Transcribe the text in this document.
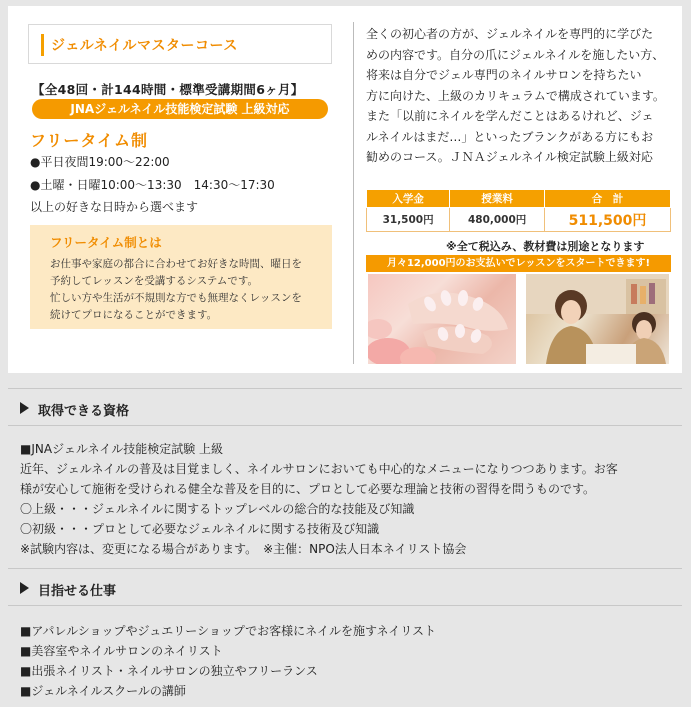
ジェルネイルマスターコース
【全48回・計144時間・標準受講期間6ヶ月】
JNAジェルネイル技能検定試験 上級対応
フリータイム制
●平日夜間19:00〜22:00
●土曜・日曜10:00〜13:30　14:30〜17:30
以上の好きな日時から選べます
フリータイム制とは
お仕事や家庭の都合に合わせてお好きな時間、曜日を
予約してレッスンを受講するシステムです。
忙しい方や生活が不規則な方でも無理なくレッスンを
続けてプロになることができます。
全くの初心者の方が、ジェルネイルを専門的に学びた
めの内容です。自分の爪にジェルネイルを施したい方、
将来は自分でジェル専門のネイルサロンを持ちたい
方に向けた、上級のカリキュラムで構成されています。
また「以前にネイルを学んだことはあるけれど、ジェ
ルネイルはまだ…」といったブランクがある方にもお
勧めのコース。ＪＮＡジェルネイル検定試験上級対応
入学金	授業料	合　計
31,500円	480,000円	511,500円
※全て税込み、教材費は別途となります
月々12,000円のお支払いでレッスンをスタートできます!
取得できる資格
■JNAジェルネイル技能検定試験 上級
近年、ジェルネイルの普及は目覚ましく、ネイルサロンにおいても中心的なメニューになりつつあります。お客
様が安心して施術を受けられる健全な普及を目的に、プロとして必要な理論と技術の習得を問うものです。
〇上級・・・ジェルネイルに関するトップレベルの総合的な技能及び知識
〇初級・・・プロとして必要なジェルネイルに関する技術及び知識
※試験内容は、変更になる場合があります。　※主催：NPO法人日本ネイリスト協会
目指せる仕事
■アパレルショップやジュエリーショップでお客様にネイルを施すネイリスト
■美容室やネイルサロンのネイリスト
■出張ネイリスト・ネイルサロンの独立やフリーランス
■ジェルネイルスクールの講師
